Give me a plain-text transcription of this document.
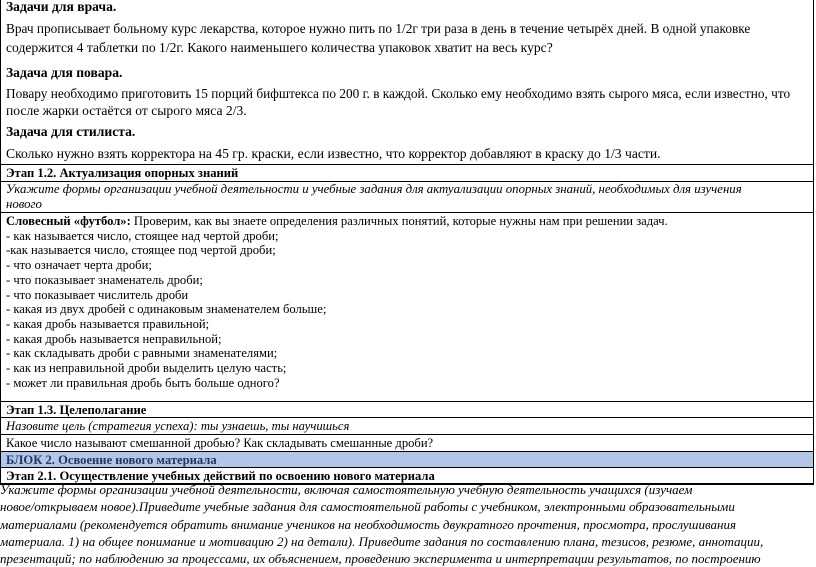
Задачи для врача.
Врач прописывает больному курс лекарства, которое нужно пить по 1/2г три раза в день в течение четырёх дней. В одной упаковке
содержится 4 таблетки по 1/2г. Какого наименьшего количества упаковок хватит на весь курс?
Задача для повара.
Повару необходимо приготовить 15 порций бифштекса по 200 г. в каждой. Сколько ему необходимо взять сырого мяса, если известно, что
после жарки остаётся от сырого мяса 2/3.
Задача для стилиста.
Сколько нужно взять корректора на 45 гр. краски, если известно, что корректор добавляют в краску до 1/3 части.
Этап 1.2. Актуализация опорных знаний
Укажите формы организации учебной деятельности и учебные задания для актуализации опорных знаний, необходимых для изучения
нового
Словесный «футбол»: Проверим, как вы знаете определения различных понятий, которые нужны нам при решении задач.
- как называется число, стоящее над чертой дроби;
-как называется число, стоящее под чертой дроби;
- что означает черта дроби;
- что показывает знаменатель дроби;
- что показывает числитель дроби
- какая из двух дробей с одинаковым знаменателем больше;
- какая дробь называется правильной;
- какая дробь называется неправильной;
- как складывать дроби с равными знаменателями;
- как из неправильной дроби выделить целую часть;
- может ли правильная дробь быть больше одного?
Этап 1.3. Целеполагание
Назовите цель (стратегия успеха): ты узнаешь, ты научишься
Какое число называют смешанной дробью? Как складывать смешанные дроби?
БЛОК 2. Освоение нового материала
Этап 2.1. Осуществление учебных действий по освоению нового материала
Укажите формы организации учебной деятельности, включая самостоятельную учебную деятельность учащихся (изучаем
новое/открываем новое).Приведите учебные задания для самостоятельной работы с учебником, электронными образовательными
материалами (рекомендуется обратить внимание учеников на необходимость двукратного прочтения, просмотра, прослушивания
материала. 1) на общее понимание и мотивацию 2) на детали). Приведите задания по составлению плана, тезисов, резюме, аннотации,
презентаций; по наблюдению за процессами, их объяснением, проведению эксперимента и интерпретации результатов, по построению
